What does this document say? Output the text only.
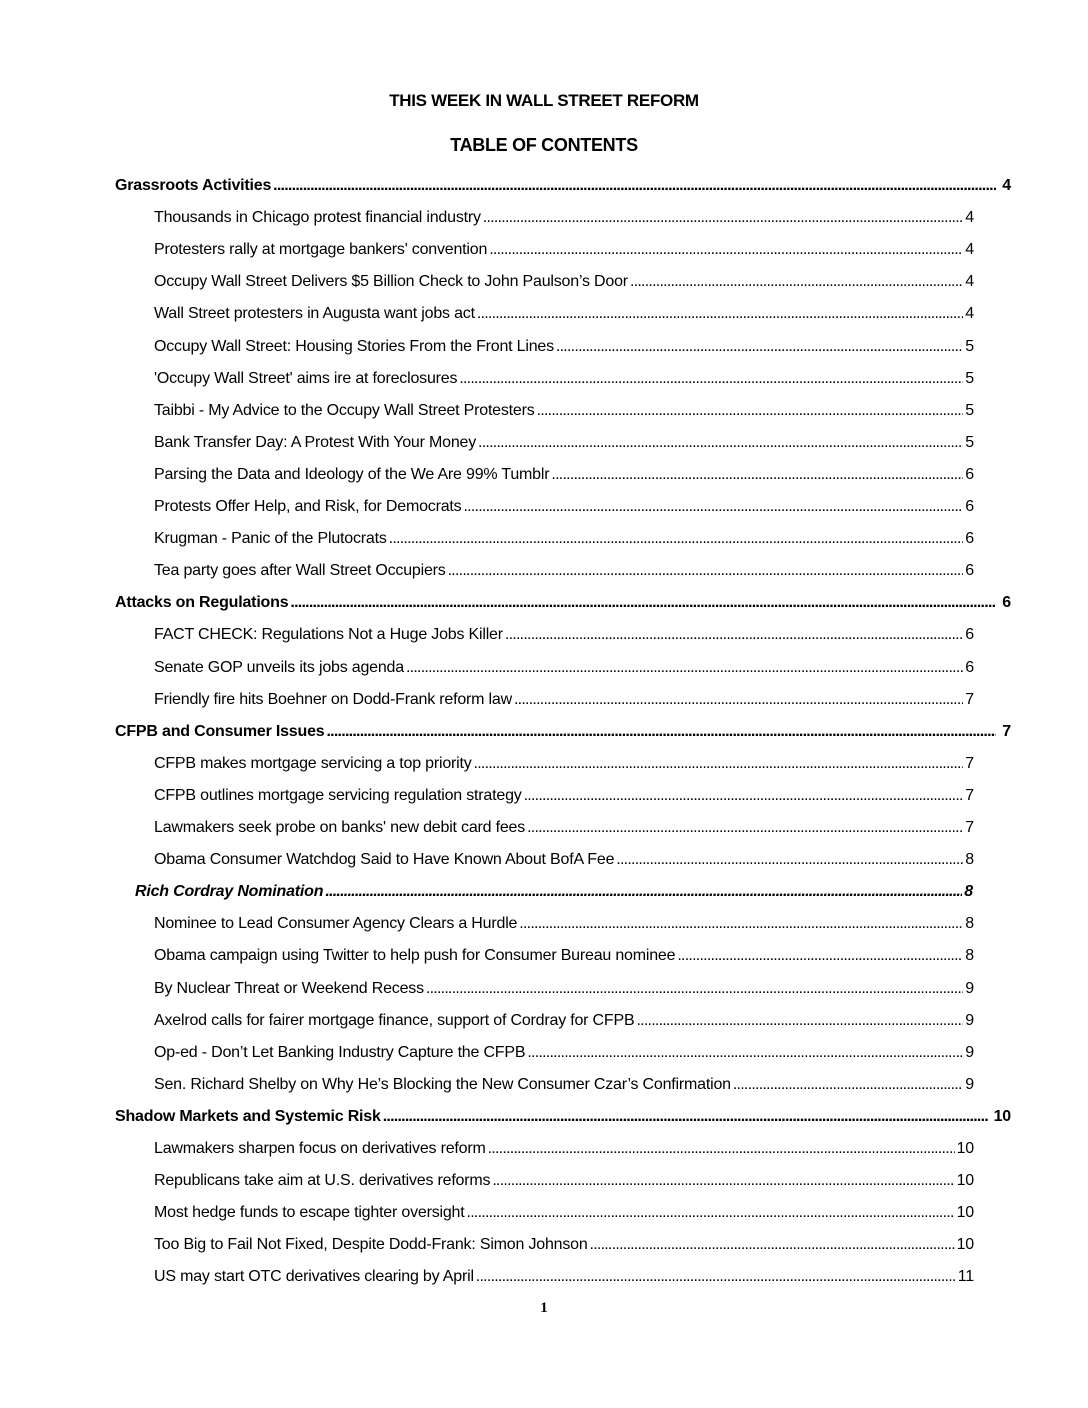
THIS WEEK IN WALL STREET REFORM
TABLE OF CONTENTS
Grassroots Activities . . .	4
Thousands in Chicago protest financial industry . . .	4
Protesters rally at mortgage bankers' convention . . .	4
Occupy Wall Street Delivers $5 Billion Check to John Paulson’s Door . . .	4
Wall Street protesters in Augusta want jobs act . . .	4
Occupy Wall Street: Housing Stories From the Front Lines . . .	5
'Occupy Wall Street' aims ire at foreclosures . . .	5
Taibbi - My Advice to the Occupy Wall Street Protesters . . .	5
Bank Transfer Day: A Protest With Your Money . . .	5
Parsing the Data and Ideology of the We Are 99% Tumblr . . .	6
Protests Offer Help, and Risk, for Democrats . . .	6
Krugman - Panic of the Plutocrats . . .	6
Tea party goes after Wall Street Occupiers . . .	6
Attacks on Regulations . . .	6
FACT CHECK: Regulations Not a Huge Jobs Killer . . .	6
Senate GOP unveils its jobs agenda . . .	6
Friendly fire hits Boehner on Dodd-Frank reform law . . .	7
CFPB and Consumer Issues . . .	7
CFPB makes mortgage servicing a top priority . . .	7
CFPB outlines mortgage servicing regulation strategy . . .	7
Lawmakers seek probe on banks' new debit card fees . . .	7
Obama Consumer Watchdog Said to Have Known About BofA Fee . . .	8
Rich Cordray Nomination . . .	8
Nominee to Lead Consumer Agency Clears a Hurdle . . .	8
Obama campaign using Twitter to help push for Consumer Bureau nominee . . .	8
By Nuclear Threat or Weekend Recess . . .	9
Axelrod calls for fairer mortgage finance, support of Cordray for CFPB . . .	9
Op-ed - Don’t Let Banking Industry Capture the CFPB . . .	9
Sen. Richard Shelby on Why He’s Blocking the New Consumer Czar’s Confirmation . . .	9
Shadow Markets and Systemic Risk . . .	10
Lawmakers sharpen focus on derivatives reform . . .	10
Republicans take aim at U.S. derivatives reforms . . .	10
Most hedge funds to escape tighter oversight . . .	10
Too Big to Fail Not Fixed, Despite Dodd-Frank: Simon Johnson . . .	10
US may start OTC derivatives clearing by April . . .	11
1
